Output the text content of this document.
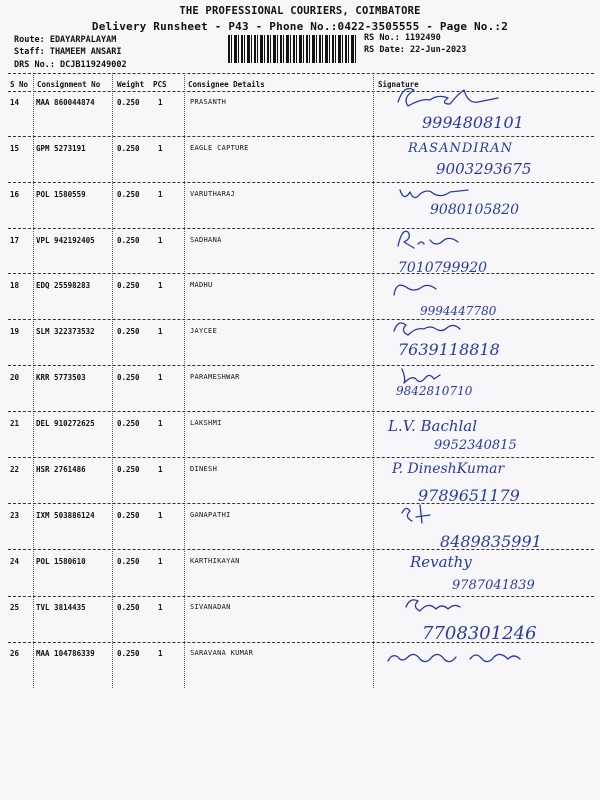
THE PROFESSIONAL COURIERS, COIMBATORE
Delivery Runsheet - P43 - Phone No.:0422-3505555 - Page No.:2
Route: EDAYARPALAYAM
Staff: THAMEEM ANSARI
DRS No.: DCJB119249002
RS No.: 1192490
RS Date: 22-Jun-2023
S No Consignment No Weight PCS	Consignee Details	Signature
14 MAA 860044874	0.250 1	PRASANTH
9994808101
15 GPM 5273191	0.250 1	EAGLE CAPTURE	RASANDIRAN
9003293675
16 POL 1580559	0.250 1	VARUTHARAJ
9080105820
17 VPL 942192405	0.250 1	SADHANA
7010799920
18 EDQ 25598283	0.250 1	MADHU
9994447780
19 SLM 322373532	0.250 1	JAYCEE
7639118818
20 KRR 5773503	0.250 1	PARAMESHWAR
9842810710
21 DEL 910272625	0.250 1	LAKSHMI	L.V. Bachlal
9952340815
22 HSR 2761486	0.250 1	DINESH	P. DineshKumar
9789651179
23 IXM 503886124	0.250 1	GANAPATHI
8489835991
24 POL 1580610	0.250 1	KARTHIKAYAN	Revathy
9787041839
25 TVL 3814435	0.250 1	SIVANADAN
7708301246
26 MAA 104786339	0.250 1	SARAVANA KUMAR
